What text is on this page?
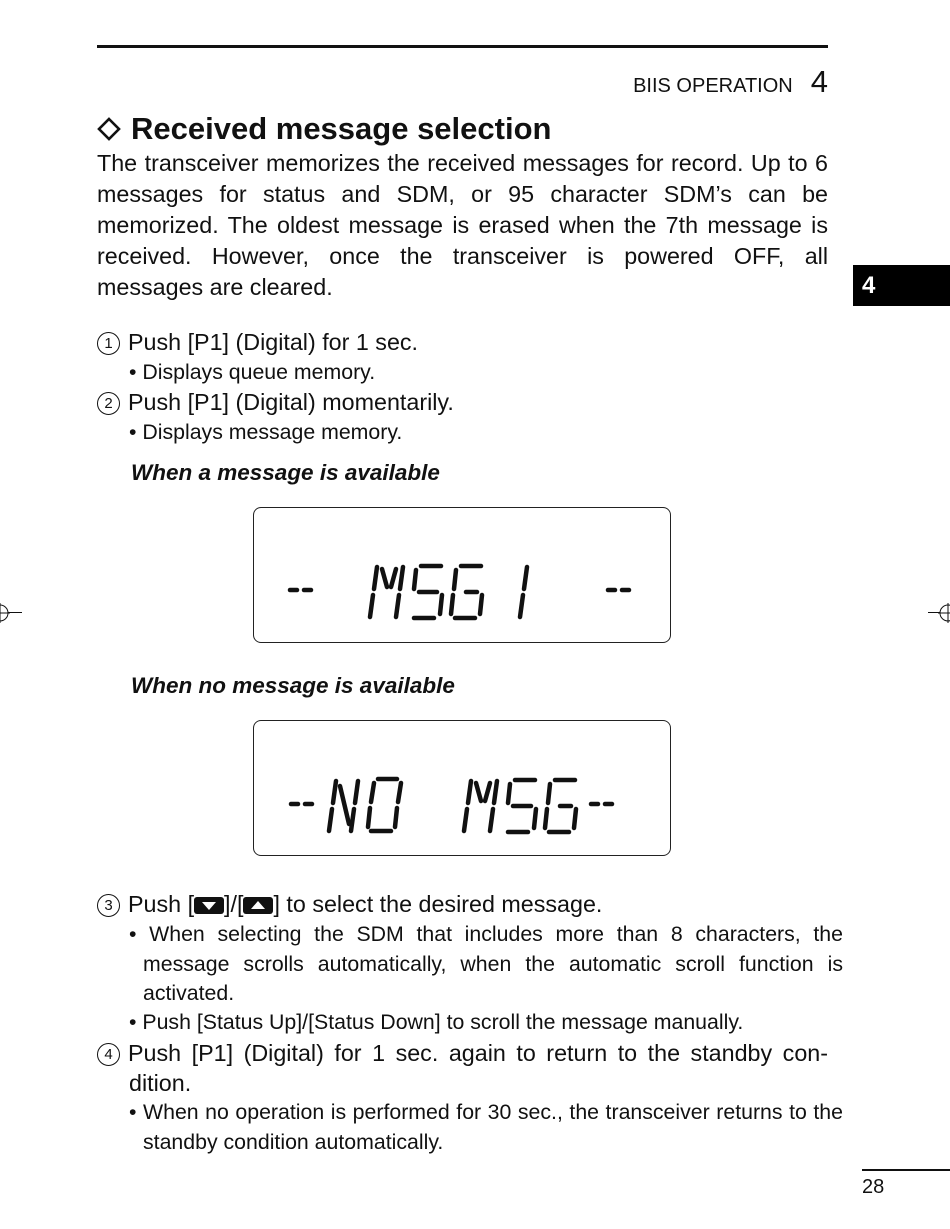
BIIS OPERATION 4
4
Received message selection
The transceiver memorizes the received messages for record. Up to 6 messages for status and SDM, or 95 character SDM’s can be memorized. The oldest message is erased when the 7th message is received. However, once the transceiver is powered OFF, all messages are cleared.
1 Push [P1] (Digital) for 1 sec.
• Displays queue memory.
2 Push [P1] (Digital) momentarily.
• Displays message memory.
When a message is available
When no message is available
3 Push [ ]/[ ] to select the desired message.
• When selecting the SDM that includes more than 8 characters, the message scrolls automatically, when the automatic scroll function is activated.
• Push [Status Up]/[Status Down] to scroll the message manually.
4 Push [P1] (Digital) for 1 sec. again to return to the standby con-dition.
• When no operation is performed for 30 sec., the transceiver returns to the standby condition automatically.
28
